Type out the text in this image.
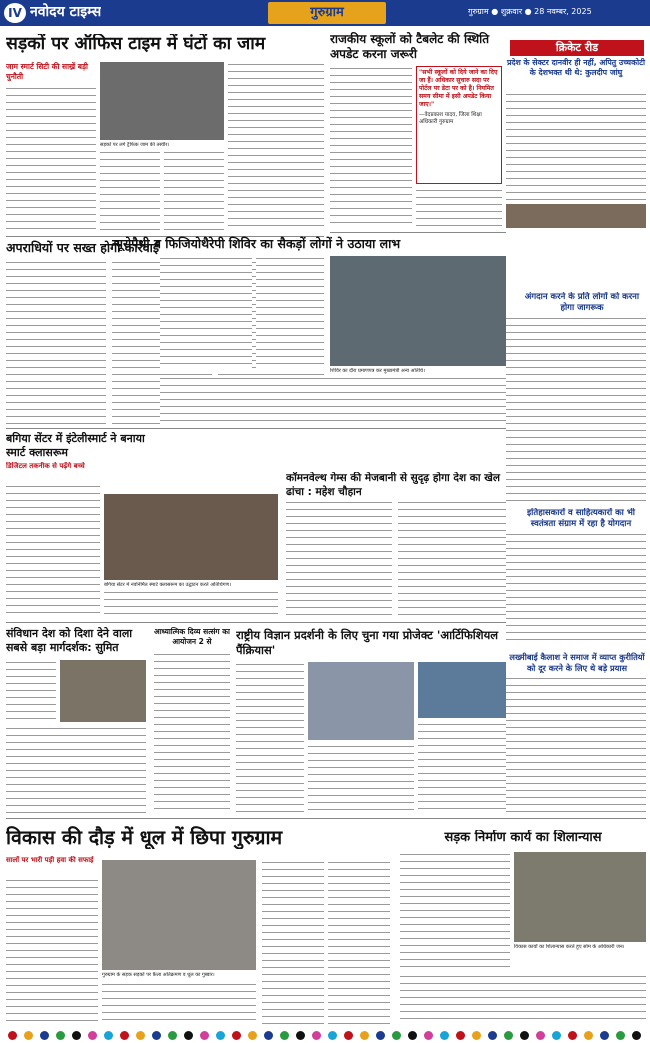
IV नवोदय टाइम्स	गुरुग्राम	गुरुग्राम ● शुक्रवार ● 28 नवम्बर, 2025
सड़कों पर ऑफिस टाइम में घंटों का जाम
जाम स्मार्ट सिटी की साख्रें बड़ी चुनौती
सड़कों पर लगे ट्रैफिक जाम की तस्वीर।
अपराधियों पर सख्त होगी कार्रवाई
राजकीय स्कूलों को टैबलेट की स्थिति अपडेट करना जरूरी
"सभी स्कूलों को दिये जाने का दिए जा हैं। अधिकार सुचारु सदा पर पोर्टल पर डेटा पर को है। नियमित समय सीमा में इसी अपडेट किया जाए।"
—वेदप्रकाश यादव, जिला शिक्षा अधिकारी गुरुग्राम
क्रिकेट रीड
प्रदेश के सेक्टर दानवीर ही नहीं, अपितु उच्चकोटी के देशभक्त थी थे: कुलदीप जांघु
न्यूरोपैथी व फिजियोथैरेपी शिविर का सैकड़ों लोगों ने उठाया लाभ
शिविर का दौरा प्रमाणपत्र कर मुख्यमंत्री अन्य अतिथि।
अंगदान करने के प्रति लोगों को करना होगा जागरूक
बगिया सेंटर में इंटेलीस्मार्ट ने बनाया स्मार्ट क्लासरूम
डिजिटल तकनीक से पढ़ेंगे बच्चे
बगिया सेंटर में नवनिर्मित स्मार्ट क्लासरूम का उद्घाटन करते अतिथिगण।
कॉमनवेल्थ गेम्स की मेजबानी से सुदृढ़ होगा देश का खेल ढांचा : महेश चौहान
इतिहासकारों व साहित्यकारों का भी स्वतंत्रता संग्राम में रहा है योगदान
लख्मीबाई कैलाश ने समाज में व्याप्त कुरीतियों को दूर करने के लिए थे बड़े प्रयास
संविधान देश को दिशा देने वाला सबसे बड़ा मार्गदर्शक: सुमित
आध्यात्मिक दिव्य सत्संग का आयोजन 2 से	राष्ट्रीय विज्ञान प्रदर्शनी के लिए चुना गया प्रोजेक्ट 'आर्टिफिशियल पैंक्रियास'
विकास की दौड़ में धूल में छिपा गुरुग्राम
सालों पर भारी पड़ी हवा की सफाई
गुरुग्राम के सड़क सड़कों पर फ़ैला अतिक्रमण व धूल का गुब्बार।
सड़क निर्माण कार्य का शिलान्यास
विकास कार्यों का शिलान्यास करते हुए सोम के अधिकारी जन।
